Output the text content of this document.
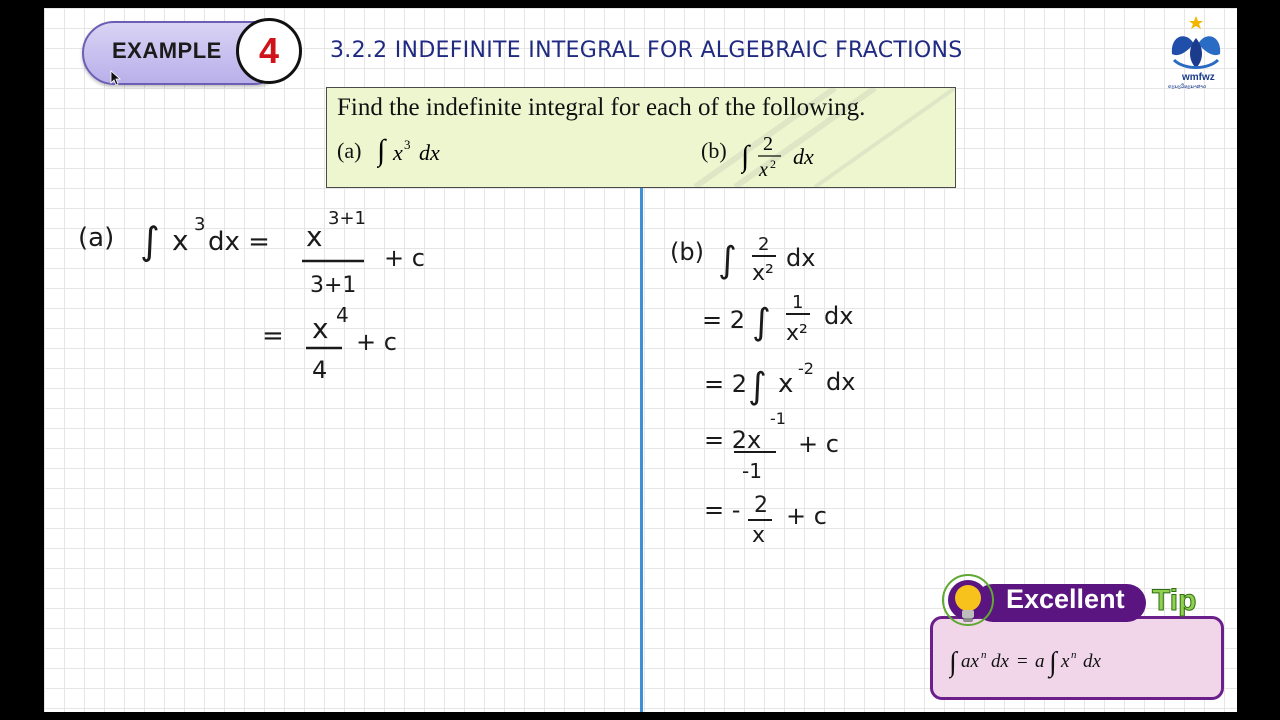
EXAMPLE 4 3.2.2 INDEFINITE INTEGRAL FOR ALGEBRAIC FRACTIONS
wmfwz
ຄະນະວິທະຍາສາດ
Find the indefinite integral for each of the following.
(a) ∫ x 3 dx	(b) ∫ 2
x 2 dx
(a) ∫ x 3
dx = x
3+1
3+1
+ c
= x 4
4
+ c
(b) ∫ 2
x²
dx
= 2 ∫ 1
x²
dx
= 2 ∫ x
-2 dx
= 2x
-1
-1
+ c
= - 2
x
+ c
∫ ax n dx = a ∫ x n dx
Excellent Tip
